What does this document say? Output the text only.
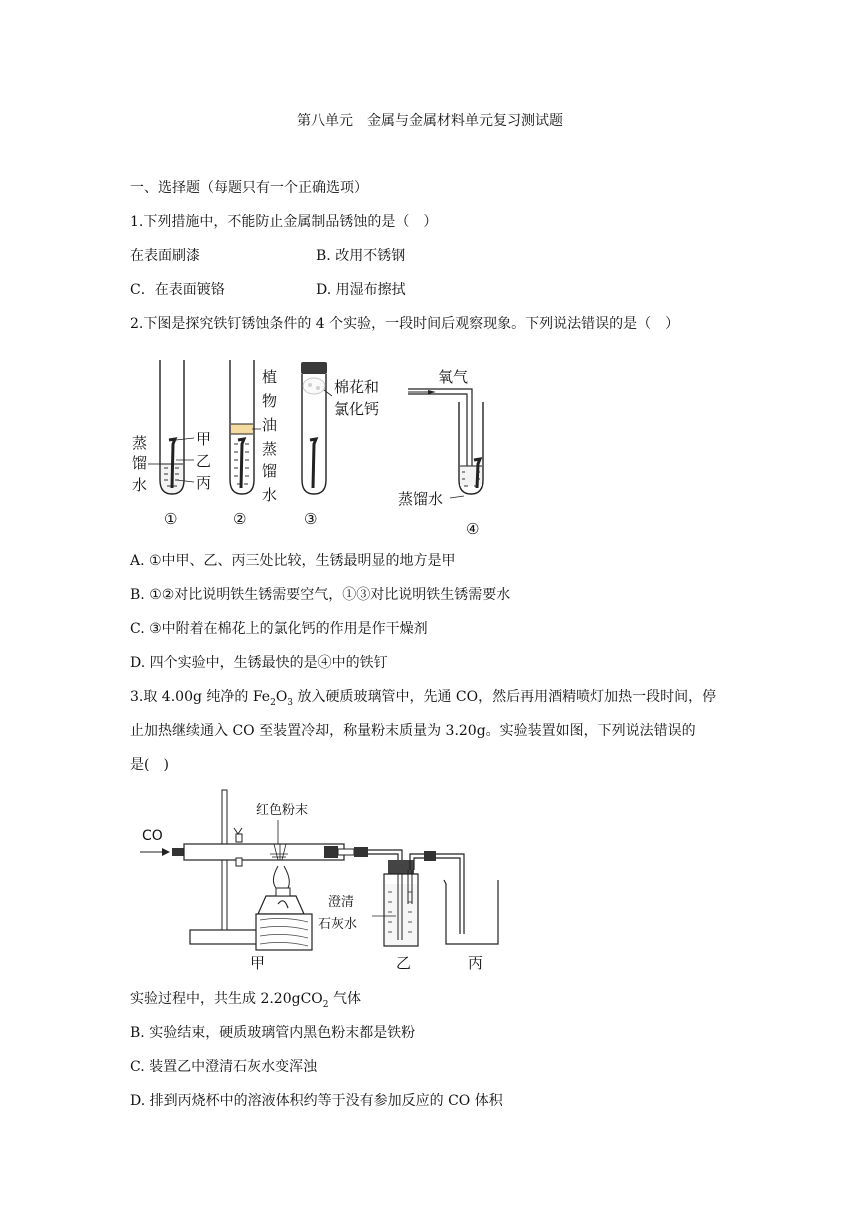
第八单元　金属与金属材料单元复习测试题
一、选择题（每题只有一个正确选项）
1.下列措施中，不能防止金属制品锈蚀的是（　）
在表面刷漆	B. 改用不锈钢
C．在表面镀铬	D. 用湿布擦拭
2.下图是探究铁钉锈蚀条件的 4 个实验，一段时间后观察现象。下列说法错误的是（　）
蒸
馏
水
甲
乙
丙
①
植
物
油
蒸
馏
水
②
棉花和
氯化钙
③
氧气
蒸馏水
④
A. ①中甲、乙、丙三处比较，生锈最明显的地方是甲
B. ①②对比说明铁生锈需要空气，①③对比说明铁生锈需要水
C. ③中附着在棉花上的氯化钙的作用是作干燥剂
D. 四个实验中，生锈最快的是④中的铁钉
3.取 4.00g 纯净的 $Fe_2O_3$ 放入硬质玻璃管中，先通 CO，然后再用酒精喷灯加热一段时间，停
止加热继续通入 CO 至装置冷却，称量粉末质量为 3.20g。实验装置如图，下列说法错误的
是(　)
CO
红色粉末
甲
澄清
石灰水
乙	丙
实验过程中，共生成 2.20gCO$_2$ 气体
B. 实验结束，硬质玻璃管内黑色粉末都是铁粉
C. 装置乙中澄清石灰水变浑浊
D. 排到丙烧杯中的溶液体积约等于没有参加反应的 CO 体积
